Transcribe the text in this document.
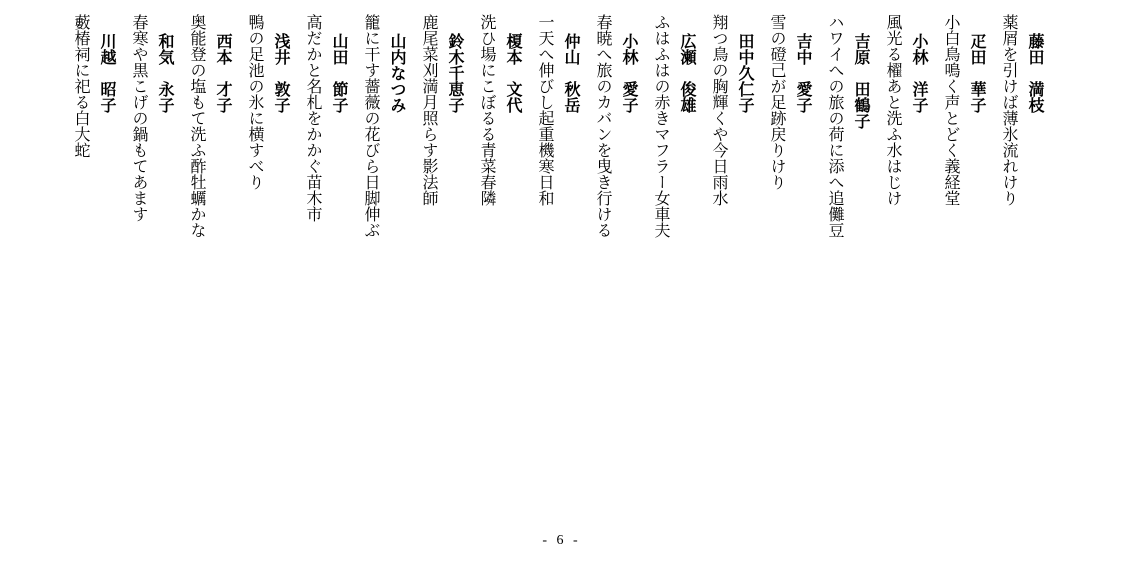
藤田　満枝
薬屑を引けば薄氷流れけり
疋田　華子
小白鳥鳴く声とどく義経堂
小林　洋子
風光る櫂あと洗ふ水はじけ
吉原　田鶴子
ハワイへの旅の荷に添へ追儺豆
吉中　愛子
雪の磴己が足跡戻りけり
田中久仁子
翔つ鳥の胸輝くや今日雨水
広瀬　俊雄
ふはふはの赤きマフラー女車夫
小林　愛子
春暁へ旅のカバンを曳き行ける
仲山　秋岳
一天へ伸びし起重機寒日和
榎本　文代
洗ひ場にこぼるる青菜春隣
鈴木千恵子
鹿尾菜刈満月照らす影法師
山内なつみ
籠に干す薔薇の花びら日脚伸ぶ
山田　節子
高だかと名札をかかぐ苗木市
浅井　敦子
鴨の足池の氷に横すべり
西本　才子
奥能登の塩もて洗ふ酢牡蠣かな
和気　永子
春寒や黒こげの鍋もてあます
川越　昭子
藪椿祠に祀る白大蛇
- 6 -
